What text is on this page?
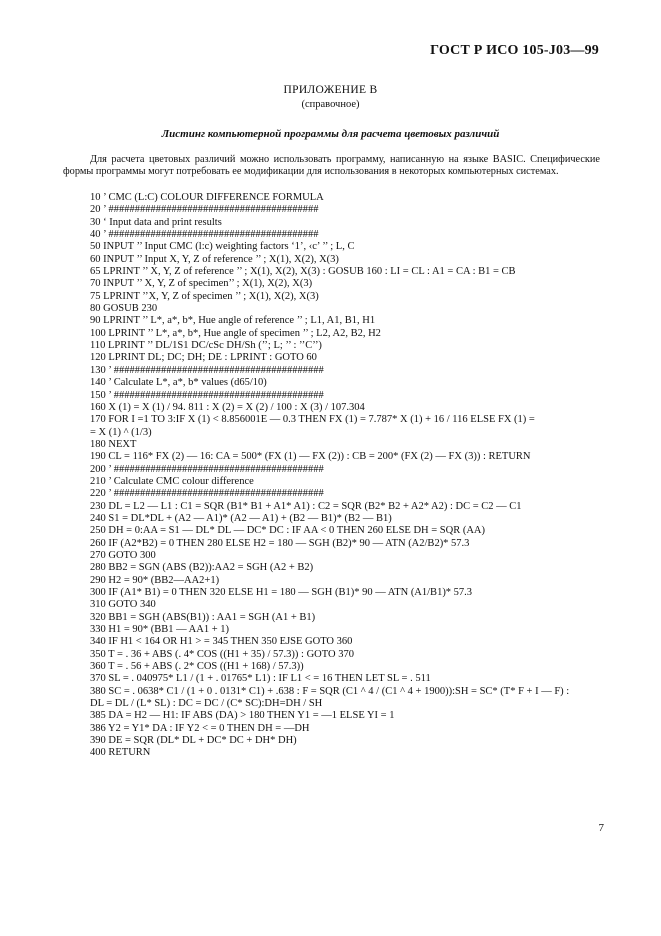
ГОСТ Р ИСО 105-J03—99
ПРИЛОЖЕНИЕ В
(справочное)
Листинг компьютерной программы для расчета цветовых различий
Для расчета цветовых различий можно использовать программу, написанную на языке BASIC. Специфические формы программы могут потребовать ее модификации для использования в некоторых компьютерных системах.
10 ’ CMC (L:C) COLOUR DIFFERENCE FORMULA
20 ’ ########################################
30 ‘ Input data and print results
40 ’ ########################################
50 INPUT ’’ Input CMC (l:c) weighting factors ‘1’, ‹c’ ’’ ; L, C
60 INPUT ’’ Input X, Y, Z of reference ’’ ; X(1), X(2), X(3)
65 LPRINT ’’ X, Y, Z of reference ’’ ; X(1), X(2), X(3) : GOSUB 160 : LI = CL : A1 = CA : B1 = CB
70 INPUT ’’ X, Y, Z of specimen’’ ; X(1), X(2), X(3)
75 LPRINT ’’X, Y, Z of specimen ’’ ; X(1), X(2), X(3)
80 GOSUB 230
90 LPRINT ’’ L*, a*, b*, Hue angle of reference ’’ ; L1, A1, B1, H1
100 LPRINT ’’ L*, a*, b*, Hue angle of specimen ’’ ; L2, A2, B2, H2
110 LPRINT ’’ DL/1S1 DC/cSc DH/Sh (’’; L; ’’ : ’’C’’)
120 LPRINT DL; DC; DH; DE : LPRINT : GOTO 60
130 ’ ########################################
140 ’ Calculate L*, a*, b* values (d65/10)
150 ’ ########################################
160 X (1) = X (1) / 94. 811 : X (2) = X (2) / 100 : X (3) / 107.304
170 FOR I =1 TO 3:IF X (1) < 8.856001E — 0.3 THEN FX (1) = 7.787* X (1) + 16 / 116 ELSE FX (1) =
= X (1) ^ (1/3)
180 NEXT
190 CL = 116* FX (2) — 16: CA = 500* (FX (1) — FX (2)) : CB = 200* (FX (2) — FX (3)) : RETURN
200 ’ ########################################
210 ’ Calculate CMC colour difference
220 ’ ########################################
230 DL = L2 — L1 : C1 = SQR (B1* B1 + A1* A1) : C2 = SQR (B2* B2 + A2* A2) : DC = C2 — C1
240 S1 = DL*DL + (A2 — A1)* (A2 — A1) + (B2 — B1)* (B2 — B1)
250 DH = 0:AA = S1 — DL* DL — DC* DC : IF AA < 0 THEN 260 ELSE DH = SQR (AA)
260 IF (A2*B2) = 0 THEN 280 ELSE H2 = 180 — SGH (B2)* 90 — ATN (A2/B2)* 57.3
270 GOTO 300
280 BB2 = SGN (ABS (B2)):AA2 = SGH (A2 + B2)
290 H2 = 90* (BB2—AA2+1)
300 IF (A1* B1) = 0 THEN 320 ELSE H1 = 180 — SGH (B1)* 90 — ATN (A1/B1)* 57.3
310 GOTO 340
320 BB1 = SGH (ABS(B1)) : AA1 = SGH (A1 + B1)
330 H1 = 90* (BB1 — AA1 + 1)
340 IF H1 < 164 OR H1 > = 345 THEN 350 EJSE GOTO 360
350 T = . 36 + ABS (. 4* COS ((H1 + 35) / 57.3)) : GOTO 370
360 T = . 56 + ABS (. 2* COS ((H1 + 168) / 57.3))
370 SL = . 040975* L1 / (1 + . 01765* L1) : IF L1 < = 16 THEN LET SL = . 511
380 SC = . 0638* C1 / (1 + 0 . 0131* C1) + .638 : F = SQR (C1 ^ 4 / (C1 ^ 4 + 1900)):SH = SC* (T* F + I — F) :
DL = DL / (L* SL) : DC = DC / (C* SC):DH=DH / SH
385 DA = H2 — H1: IF ABS (DA) > 180 THEN Y1 = —1 ELSE YI = 1
386 Y2 = Y1* DA : IF Y2 < = 0 THEN DH = —DH
390 DE = SQR (DL* DL + DC* DC + DH* DH)
400 RETURN
7
